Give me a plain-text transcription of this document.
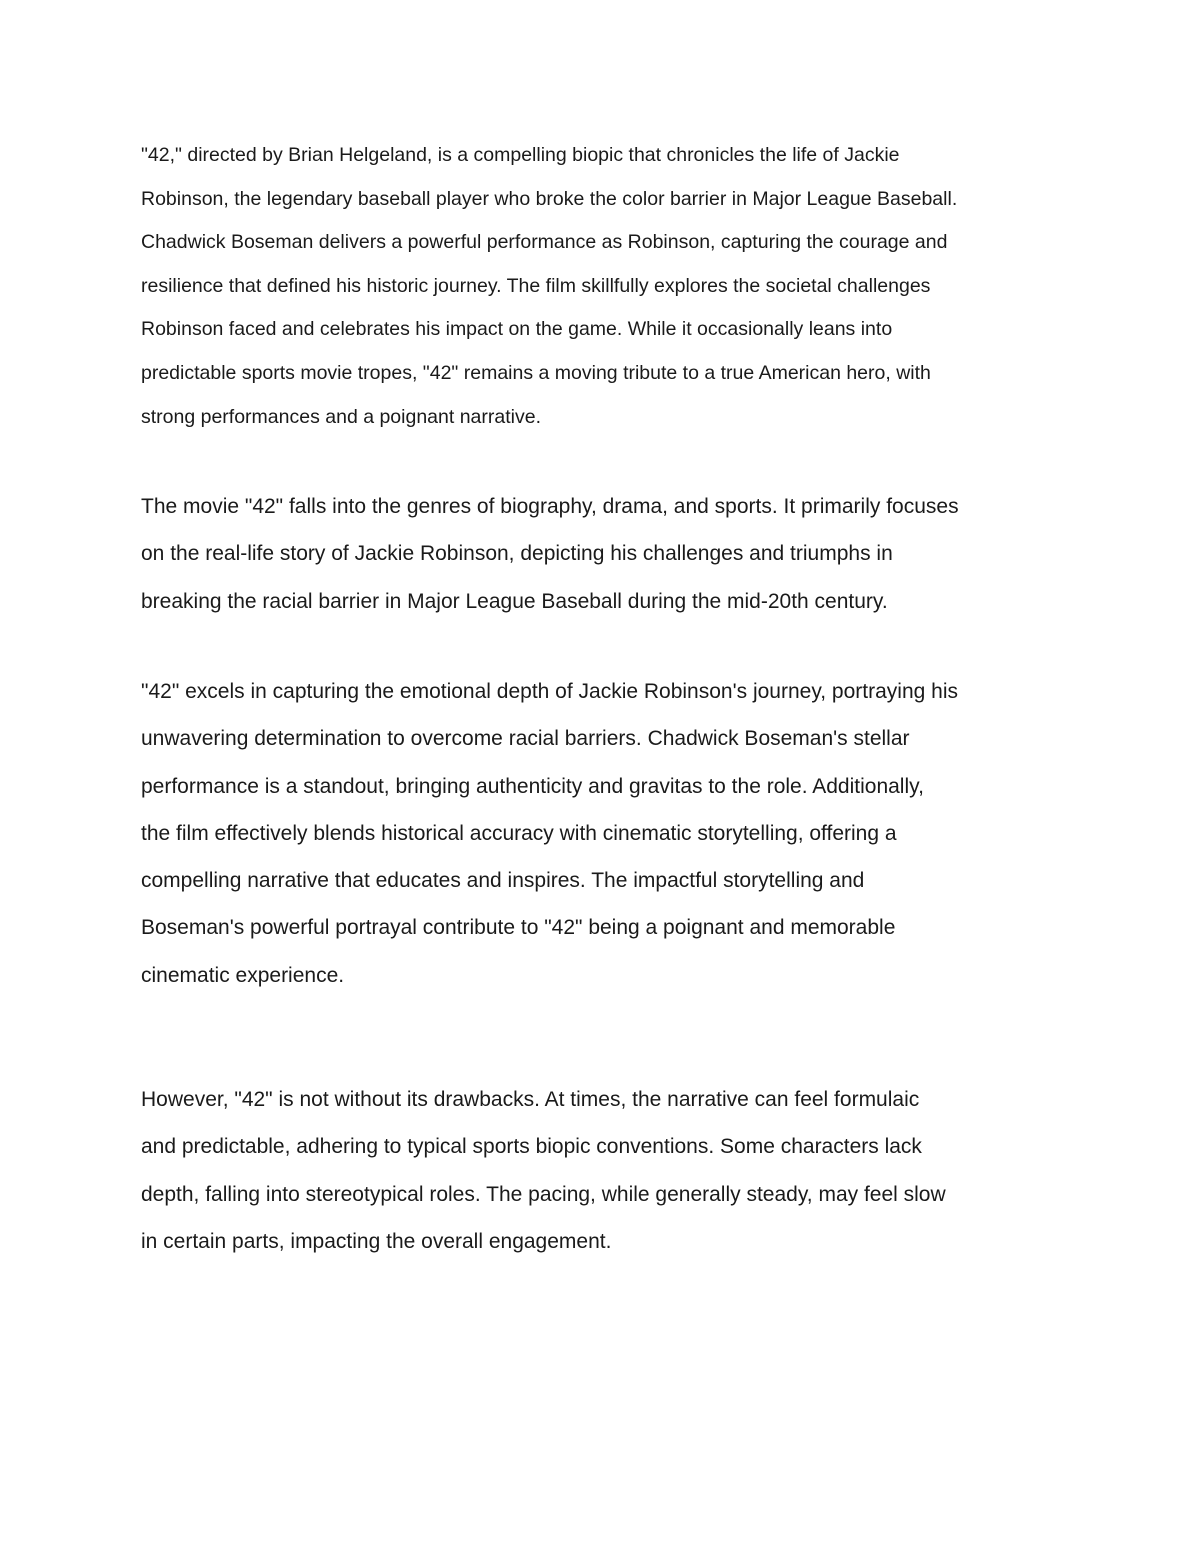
"42," directed by Brian Helgeland, is a compelling biopic that chronicles the life of Jackie
Robinson, the legendary baseball player who broke the color barrier in Major League Baseball.
Chadwick Boseman delivers a powerful performance as Robinson, capturing the courage and
resilience that defined his historic journey. The film skillfully explores the societal challenges
Robinson faced and celebrates his impact on the game. While it occasionally leans into
predictable sports movie tropes, "42" remains a moving tribute to a true American hero, with
strong performances and a poignant narrative.

The movie "42" falls into the genres of biography, drama, and sports. It primarily focuses
on the real-life story of Jackie Robinson, depicting his challenges and triumphs in
breaking the racial barrier in Major League Baseball during the mid-20th century.

"42" excels in capturing the emotional depth of Jackie Robinson's journey, portraying his
unwavering determination to overcome racial barriers. Chadwick Boseman's stellar
performance is a standout, bringing authenticity and gravitas to the role. Additionally,
the film effectively blends historical accuracy with cinematic storytelling, offering a
compelling narrative that educates and inspires. The impactful storytelling and
Boseman's powerful portrayal contribute to "42" being a poignant and memorable
cinematic experience.

However, "42" is not without its drawbacks. At times, the narrative can feel formulaic
and predictable, adhering to typical sports biopic conventions. Some characters lack
depth, falling into stereotypical roles. The pacing, while generally steady, may feel slow
in certain parts, impacting the overall engagement.
